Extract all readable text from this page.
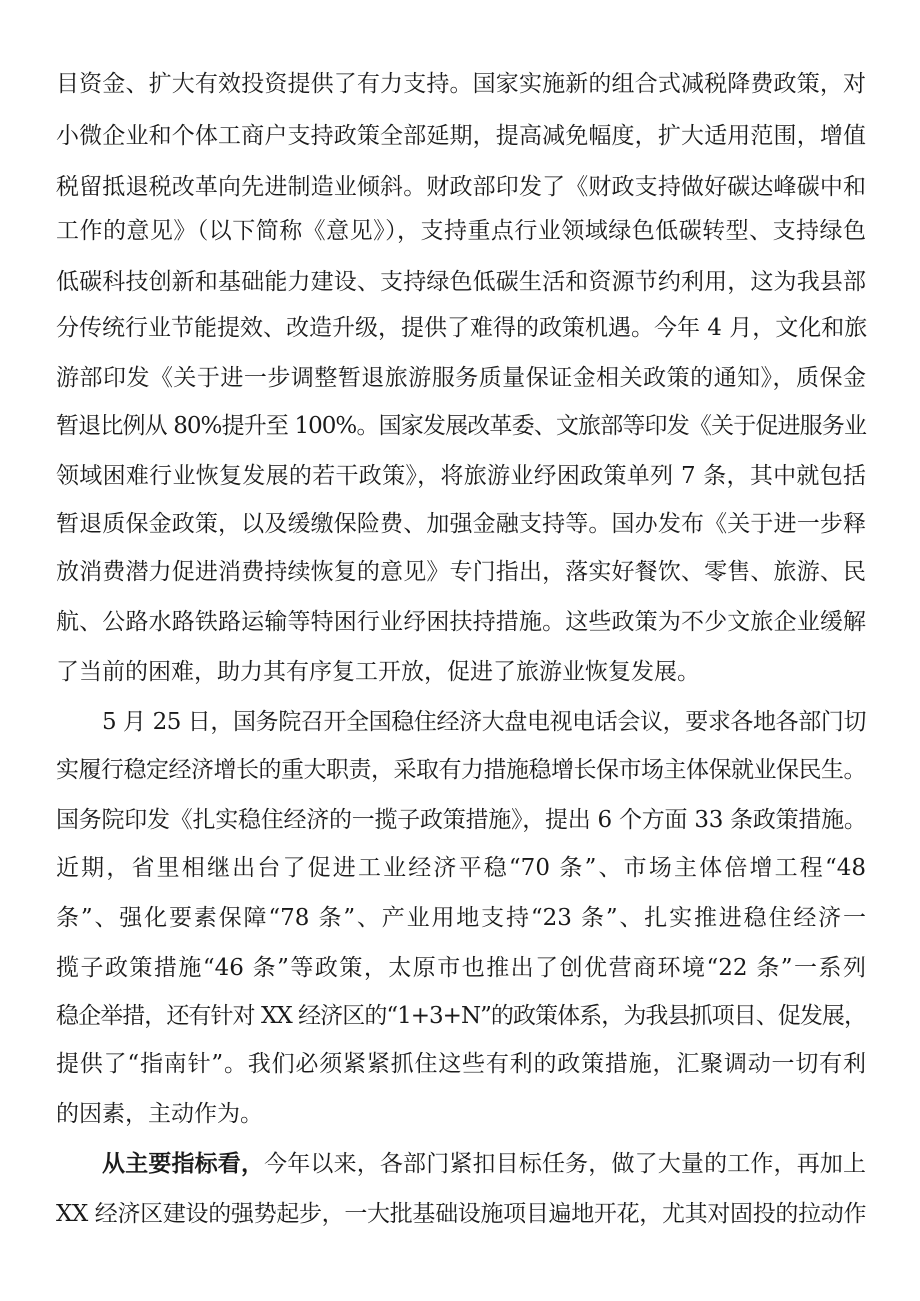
目资金、扩大有效投资提供了有力支持。国家实施新的组合式减税降费政策，对
小微企业和个体工商户支持政策全部延期，提高减免幅度，扩大适用范围，增值
税留抵退税改革向先进制造业倾斜。财政部印发了《财政支持做好碳达峰碳中和
工作的意见》（以下简称《意见》），支持重点行业领域绿色低碳转型、支持绿色
低碳科技创新和基础能力建设、支持绿色低碳生活和资源节约利用，这为我县部
分传统行业节能提效、改造升级，提供了难得的政策机遇。今年 4 月，文化和旅
游部印发《关于进一步调整暂退旅游服务质量保证金相关政策的通知》，质保金
暂退比例从 80%提升至 100%。国家发展改革委、文旅部等印发《关于促进服务业
领域困难行业恢复发展的若干政策》，将旅游业纾困政策单列 7 条，其中就包括
暂退质保金政策，以及缓缴保险费、加强金融支持等。国办发布《关于进一步释
放消费潜力促进消费持续恢复的意见》专门指出，落实好餐饮、零售、旅游、民
航、公路水路铁路运输等特困行业纾困扶持措施。这些政策为不少文旅企业缓解
了当前的困难，助力其有序复工开放，促进了旅游业恢复发展。
5 月 25 日，国务院召开全国稳住经济大盘电视电话会议，要求各地各部门切
实履行稳定经济增长的重大职责，采取有力措施稳增长保市场主体保就业保民生。
国务院印发《扎实稳住经济的一揽子政策措施》，提出 6 个方面 33 条政策措施。
近期，省里相继出台了促进工业经济平稳“70 条”、市场主体倍增工程“48
条”、强化要素保障“78 条”、产业用地支持“23 条”、扎实推进稳住经济一
揽子政策措施“46 条”等政策，太原市也推出了创优营商环境“22 条”一系列
稳企举措，还有针对 XX 经济区的“1+3+N”的政策体系，为我县抓项目、促发展，
提供了“指南针”。我们必须紧紧抓住这些有利的政策措施，汇聚调动一切有利
的因素，主动作为。
从主要指标看，今年以来，各部门紧扣目标任务，做了大量的工作，再加上
XX 经济区建设的强势起步，一大批基础设施项目遍地开花，尤其对固投的拉动作
